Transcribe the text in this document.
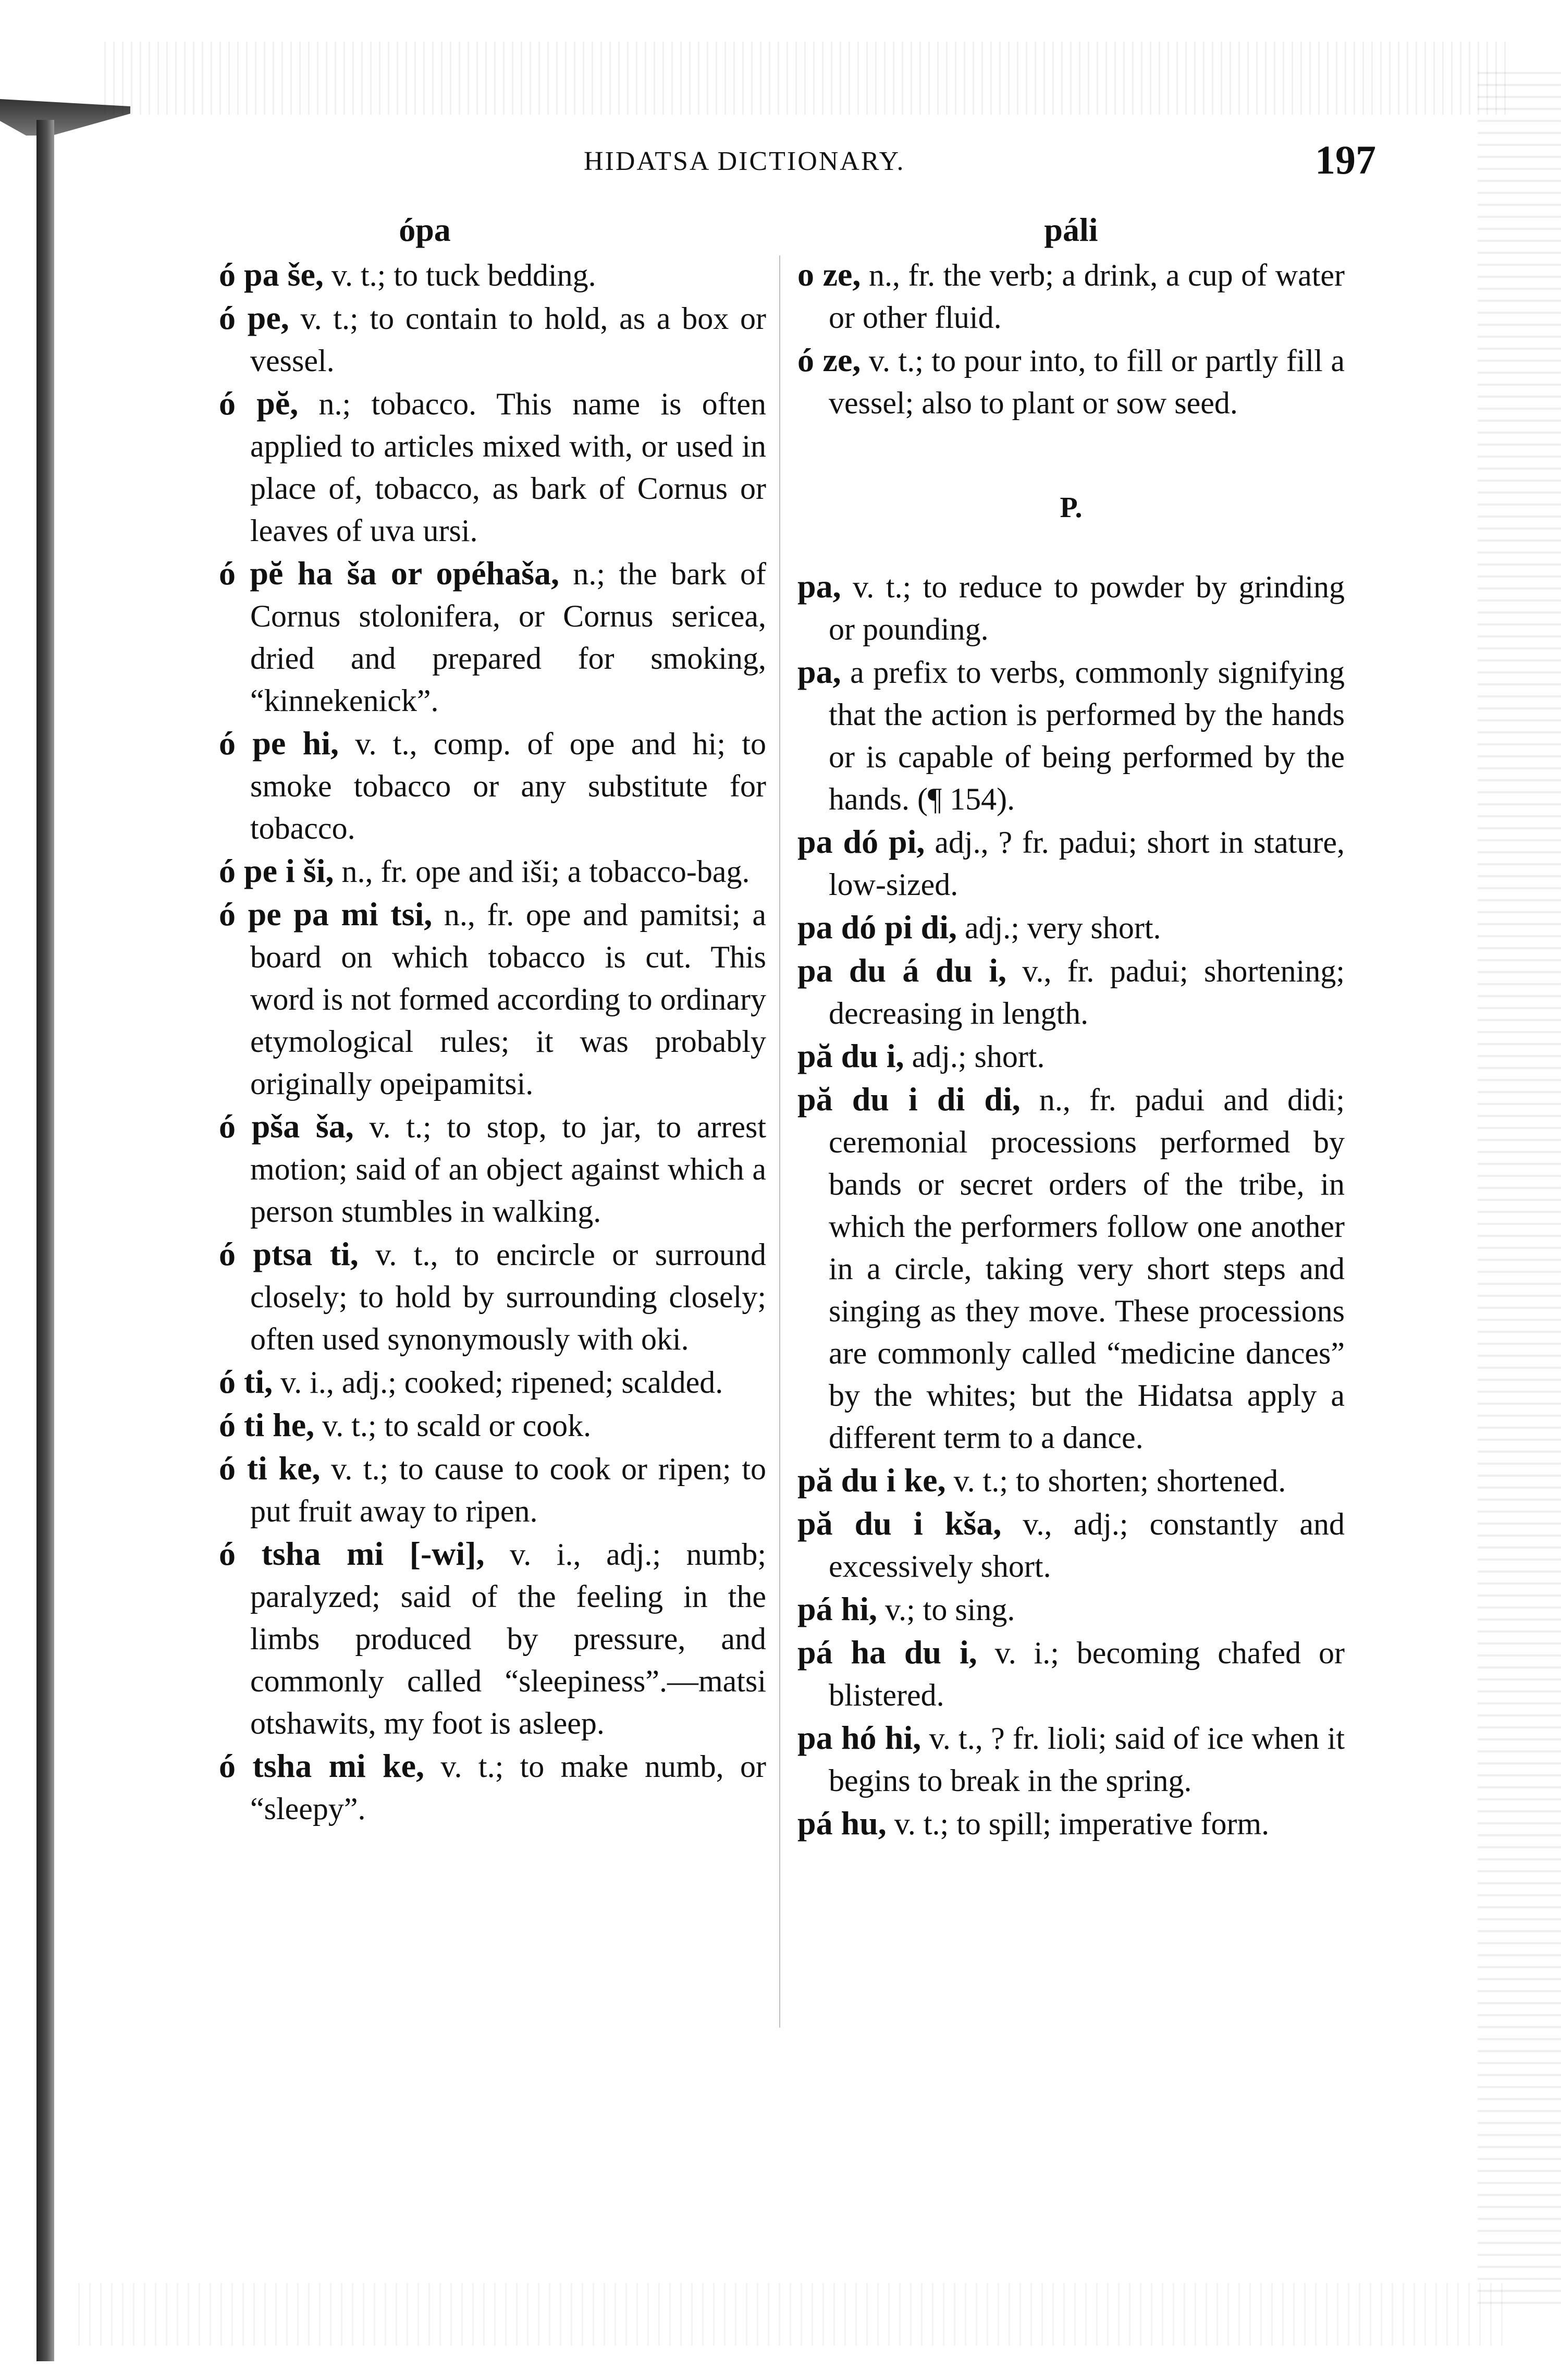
HIDATSA DICTIONARY.	197
ópa

ó pa še, v. t.; to tuck bedding.

ó pe, v. t.; to contain to hold, as a box or vessel.

ó pĕ, n.; tobacco. This name is often applied to articles mixed with, or used in place of, tobacco, as bark of Cornus or leaves of uva ursi.

ó pĕ ha ša or opéhaša, n.; the bark of Cornus stolonifera, or Cornus sericea, dried and prepared for smoking, “kinnekenick”.

ó pe hi, v. t., comp. of ope and hi; to smoke tobacco or any substitute for tobacco.

ó pe i ši, n., fr. ope and iši; a tobacco-bag.

ó pe pa mi tsi, n., fr. ope and pamitsi; a board on which tobacco is cut. This word is not formed according to ordinary etymological rules; it was probably originally opeipamitsi.

ó pša ša, v. t.; to stop, to jar, to arrest motion; said of an object against which a person stumbles in walking.

ó ptsa ti, v. t., to encircle or surround closely; to hold by surrounding closely; often used synonymously with oki.

ó ti, v. i., adj.; cooked; ripened; scalded.

ó ti he, v. t.; to scald or cook.

ó ti ke, v. t.; to cause to cook or ripen; to put fruit away to ripen.

ó tsha mi [-wi], v. i., adj.; numb; paralyzed; said of the feeling in the limbs produced by pressure, and commonly called “sleepiness”.—matsi otshawits, my foot is asleep.

ó tsha mi ke, v. t.; to make numb, or “sleepy”.

páli

o ze, n., fr. the verb; a drink, a cup of water or other fluid.

ó ze, v. t.; to pour into, to fill or partly fill a vessel; also to plant or sow seed.

P.

pa, v. t.; to reduce to powder by grinding or pounding.

pa, a prefix to verbs, commonly signifying that the action is performed by the hands or is capable of being performed by the hands. (¶ 154).

pa dó pi, adj., ? fr. padui; short in stature, low-sized.

pa dó pi di, adj.; very short.

pa du á du i, v., fr. padui; shortening; decreasing in length.

pă du i, adj.; short.

pă du i di di, n., fr. padui and didi; ceremonial processions performed by bands or secret orders of the tribe, in which the performers follow one another in a circle, taking very short steps and singing as they move. These processions are commonly called “medicine dances” by the whites; but the Hidatsa apply a different term to a dance.

pă du i ke, v. t.; to shorten; shortened.

pă du i kša, v., adj.; constantly and excessively short.

pá hi, v.; to sing.

pá ha du i, v. i.; becoming chafed or blistered.

pa hó hi, v. t., ? fr. lioli; said of ice when it begins to break in the spring.

pá hu, v. t.; to spill; imperative form.
